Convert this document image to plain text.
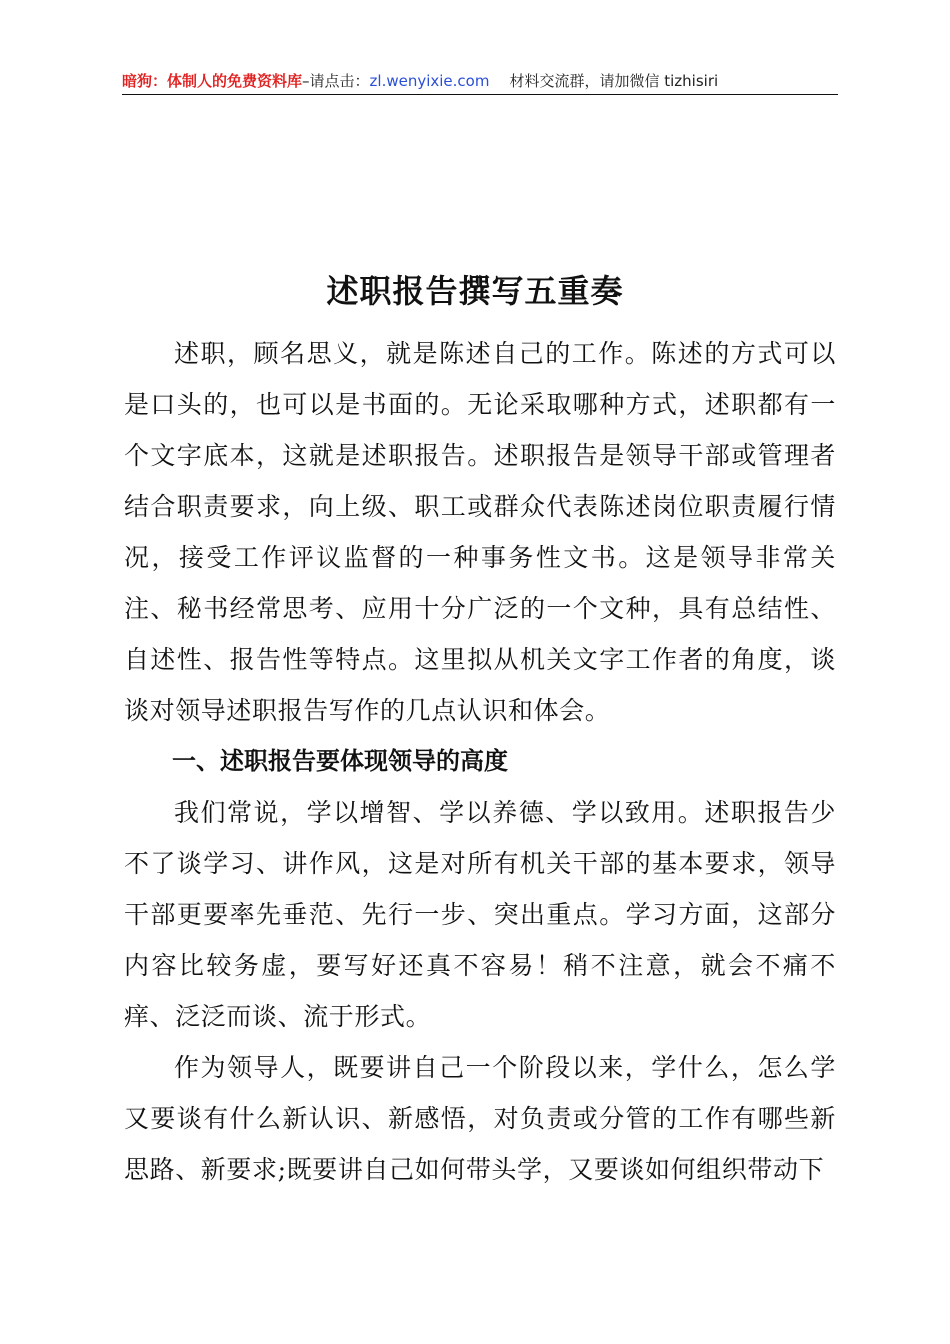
暗狗：体制人的免费资料库–请点击：zl.wenyixie.com 材料交流群，请加微信 tizhisiri
述职报告撰写五重奏

述职，顾名思义，就是陈述自己的工作。陈述的方式可以是口头的，也可以是书面的。无论采取哪种方式，述职都有一个文字底本，这就是述职报告。述职报告是领导干部或管理者结合职责要求，向上级、职工或群众代表陈述岗位职责履行情况，接受工作评议监督的一种事务性文书。这是领导非常关注、秘书经常思考、应用十分广泛的一个文种，具有总结性、自述性、报告性等特点。这里拟从机关文字工作者的角度，谈谈对领导述职报告写作的几点认识和体会。

一、述职报告要体现领导的高度

我们常说，学以增智、学以养德、学以致用。述职报告少不了谈学习、讲作风，这是对所有机关干部的基本要求，领导干部更要率先垂范、先行一步、突出重点。学习方面，这部分内容比较务虚，要写好还真不容易！稍不注意，就会不痛不痒、泛泛而谈、流于形式。

作为领导人，既要讲自己一个阶段以来，学什么，怎么学又要谈有什么新认识、新感悟，对负责或分管的工作有哪些新思路、新要求;既要讲自己如何带头学，又要谈如何组织带动下
